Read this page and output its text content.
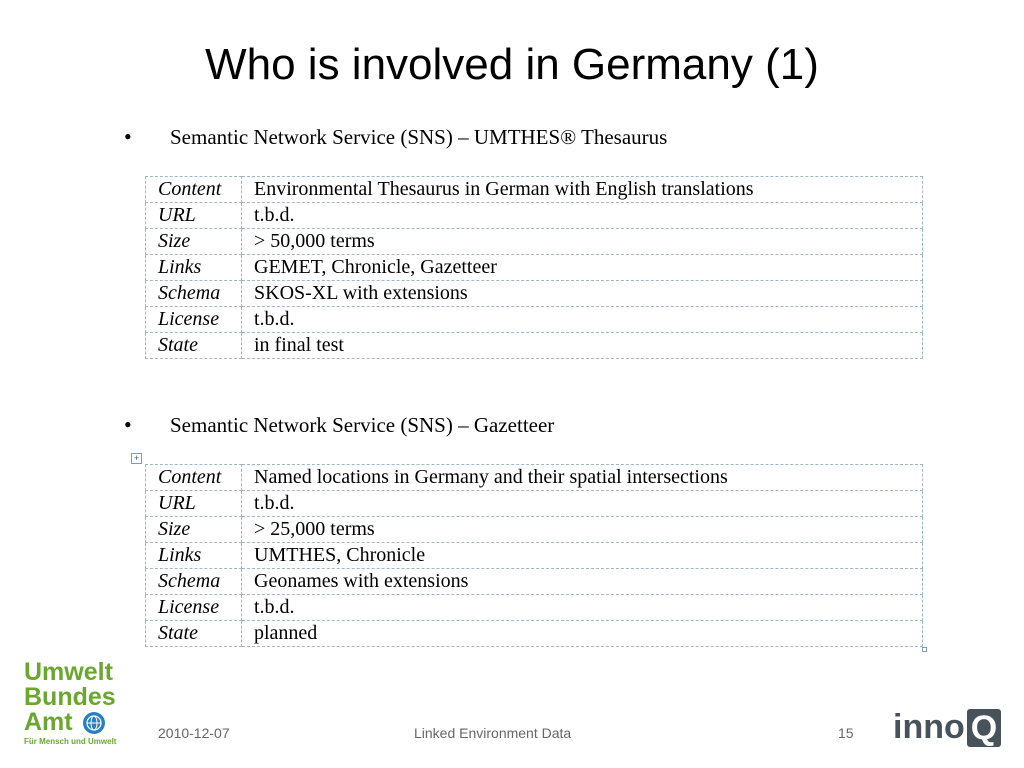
Who is involved in Germany (1)
•	Semantic Network Service (SNS) – UMTHES® Thesaurus
Content	Environmental Thesaurus in German with English translations
URL	t.b.d.
Size	> 50,000 terms
Links	GEMET, Chronicle, Gazetteer
Schema	SKOS-XL with extensions
License	t.b.d.
State	in final test
•	Semantic Network Service (SNS) – Gazetteer
+
Content	Named locations in Germany and their spatial intersections
URL	t.b.d.
Size	> 25,000 terms
Links	UMTHES, Chronicle
Schema	Geonames with extensions
License	t.b.d.
State	planned
Umwelt
Bundes
Amt
Für Mensch und Umwelt
2010-12-07	Linked Environment Data	15 inno Q
